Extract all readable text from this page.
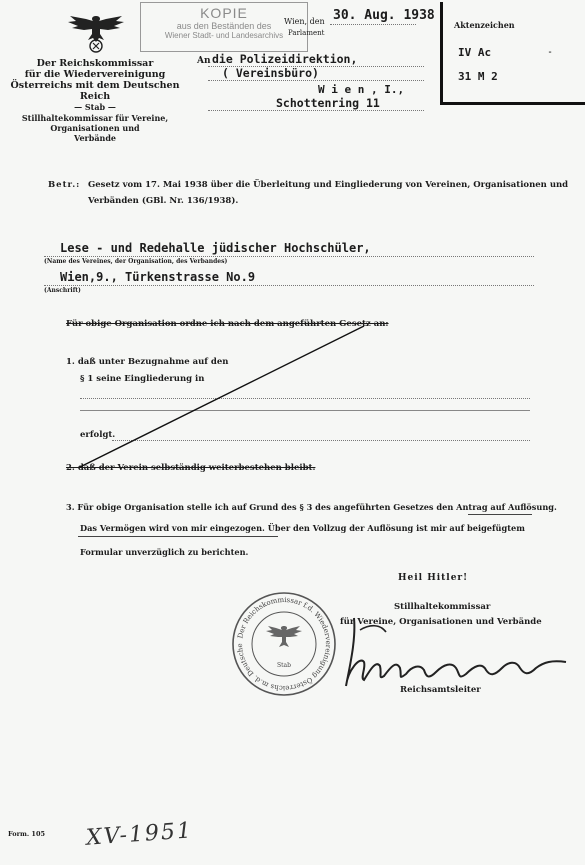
Der Reichskommissar
für die Wiedervereinigung
Österreichs mit dem Deutschen Reich
— Stab —
Stillhaltekommissar für Vereine,
Organisationen und
Verbände
KOPIE
aus den Beständen des
Wiener Stadt- und Landesarchivs
Wien, den
Parlament
30. Aug. 1938
Aktenzeichen
IV Ac
31 M 2
⁃
An die Polizeidirektion,
( Vereinsbüro)
W i e n , I.,
Schottenring 11
Betr.: Gesetz vom 17. Mai 1938 über die Überleitung und Eingliederung von Vereinen, Organisationen und
Verbänden (GBl. Nr. 136/1938).
Lese - und Redehalle jüdischer Hochschüler,
(Name des Vereines, der Organisation, des Verbandes)
Wien,9., Türkenstrasse No.9
(Anschrift)
Für obige Organisation ordne ich nach dem angeführten Gesetz an:
1. daß unter Bezugnahme auf den
§ 1 seine Eingliederung in
erfolgt.
2. daß der Verein selbständig weiterbestehen bleibt.
3. Für obige Organisation stelle ich auf Grund des § 3 des angeführten Gesetzes den Antrag auf Auflösung.
Das Vermögen wird von mir eingezogen. Über den Vollzug der Auflösung ist mir auf beigefügtem
Formular unverzüglich zu berichten.
Heil Hitler!
Stillhaltekommissar
für Vereine, Organisationen und Verbände
Reichsamtsleiter
Der Reichskommissar f.d. Wiedervereinigung Österreichs m.d. Deutsche
Stab
Form. 105 XV-1951
